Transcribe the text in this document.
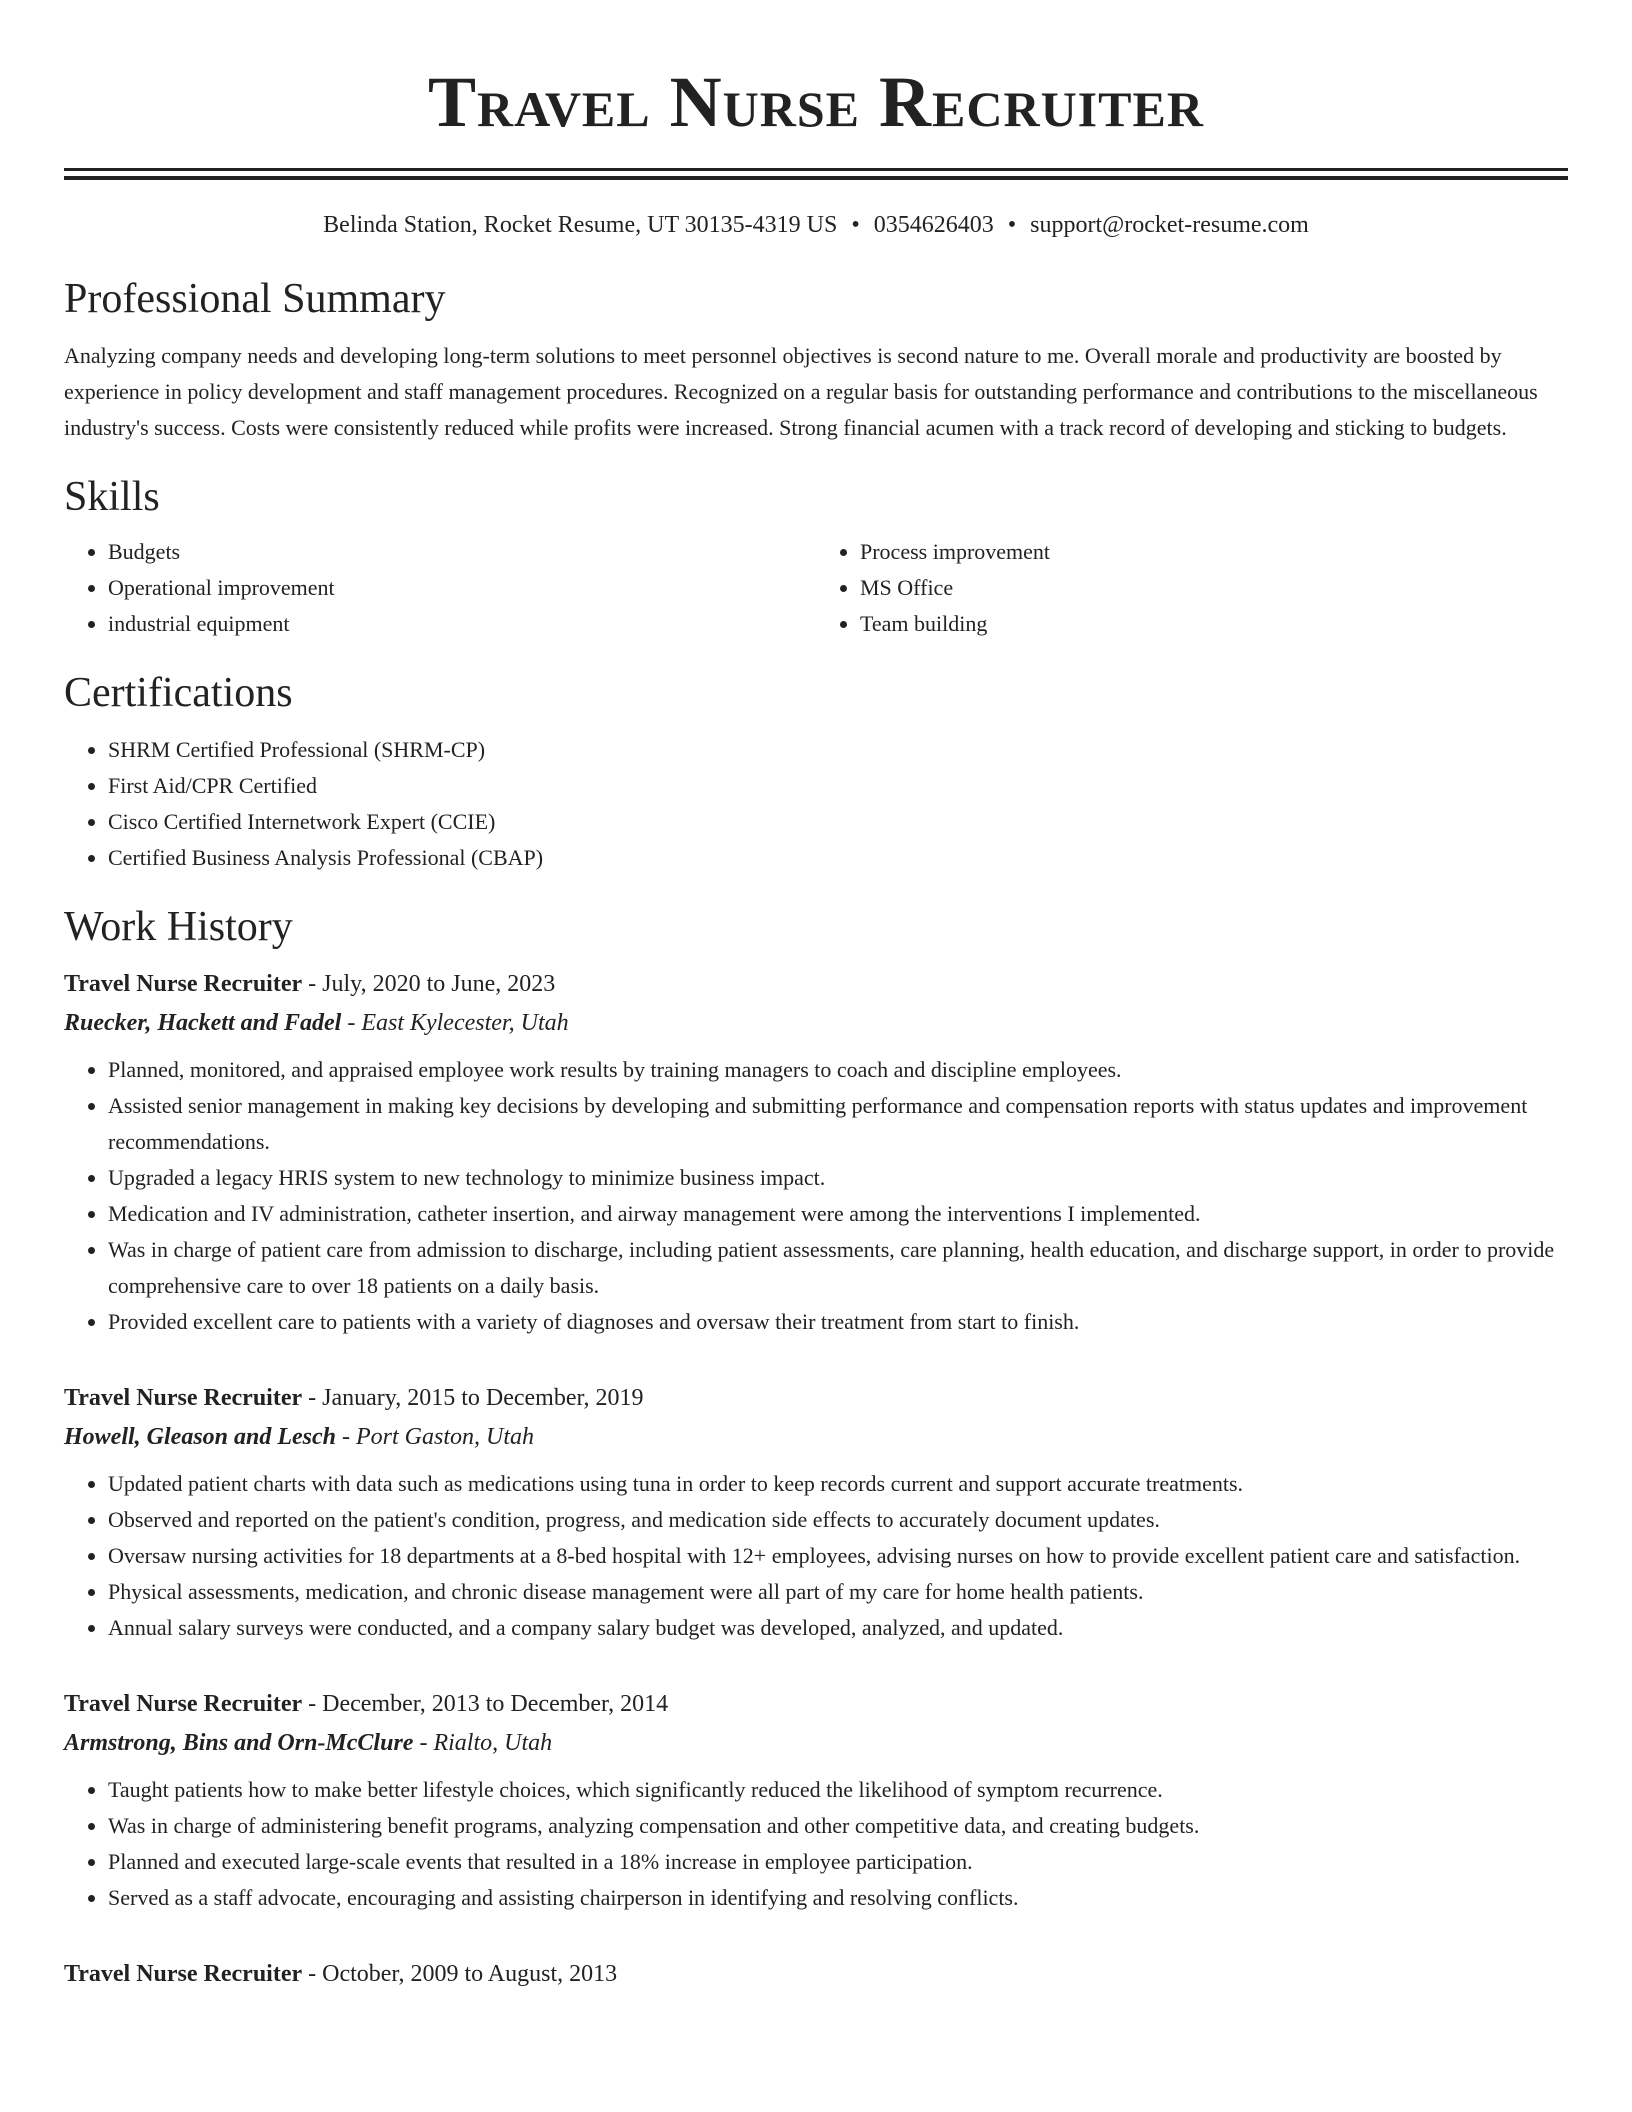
Travel Nurse Recruiter
Belinda Station, Rocket Resume, UT 30135-4319 US • 0354626403 • support@rocket-resume.com
Professional Summary
Analyzing company needs and developing long-term solutions to meet personnel objectives is second nature to me. Overall morale and productivity are boosted by experience in policy development and staff management procedures. Recognized on a regular basis for outstanding performance and contributions to the miscellaneous industry's success. Costs were consistently reduced while profits were increased. Strong financial acumen with a track record of developing and sticking to budgets.
Skills
• Budgets
• Operational improvement
• industrial equipment
• Process improvement
• MS Office
• Team building
Certifications
• SHRM Certified Professional (SHRM-CP)
• First Aid/CPR Certified
• Cisco Certified Internetwork Expert (CCIE)
• Certified Business Analysis Professional (CBAP)
Work History
Travel Nurse Recruiter - July, 2020 to June, 2023
Ruecker, Hackett and Fadel - East Kylecester, Utah
• Planned, monitored, and appraised employee work results by training managers to coach and discipline employees.
• Assisted senior management in making key decisions by developing and submitting performance and compensation reports with status updates and improvement recommendations.
• Upgraded a legacy HRIS system to new technology to minimize business impact.
• Medication and IV administration, catheter insertion, and airway management were among the interventions I implemented.
• Was in charge of patient care from admission to discharge, including patient assessments, care planning, health education, and discharge support, in order to provide comprehensive care to over 18 patients on a daily basis.
• Provided excellent care to patients with a variety of diagnoses and oversaw their treatment from start to finish.
Travel Nurse Recruiter - January, 2015 to December, 2019
Howell, Gleason and Lesch - Port Gaston, Utah
• Updated patient charts with data such as medications using tuna in order to keep records current and support accurate treatments.
• Observed and reported on the patient's condition, progress, and medication side effects to accurately document updates.
• Oversaw nursing activities for 18 departments at a 8-bed hospital with 12+ employees, advising nurses on how to provide excellent patient care and satisfaction.
• Physical assessments, medication, and chronic disease management were all part of my care for home health patients.
• Annual salary surveys were conducted, and a company salary budget was developed, analyzed, and updated.
Travel Nurse Recruiter - December, 2013 to December, 2014
Armstrong, Bins and Orn-McClure - Rialto, Utah
• Taught patients how to make better lifestyle choices, which significantly reduced the likelihood of symptom recurrence.
• Was in charge of administering benefit programs, analyzing compensation and other competitive data, and creating budgets.
• Planned and executed large-scale events that resulted in a 18% increase in employee participation.
• Served as a staff advocate, encouraging and assisting chairperson in identifying and resolving conflicts.
Travel Nurse Recruiter - October, 2009 to August, 2013
